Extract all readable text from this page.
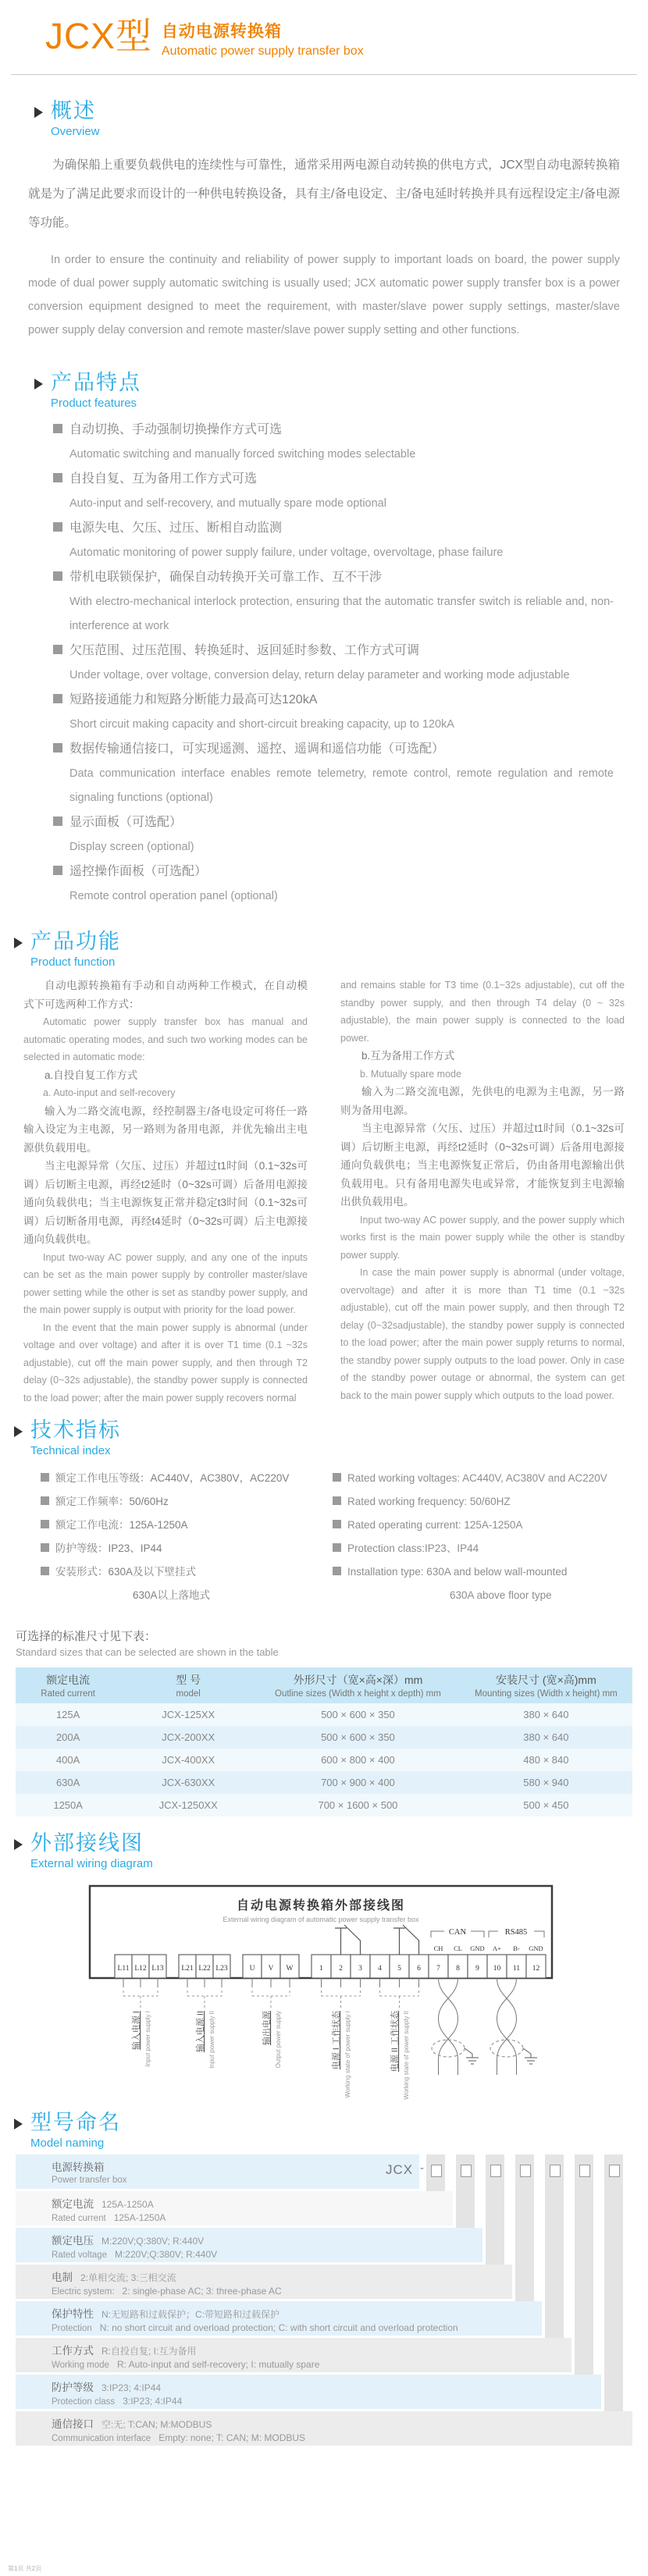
JCX型 自动电源转换箱
Automatic power supply transfer box
概述
Overview

为确保船上重要负载供电的连续性与可靠性，通常采用两电源自动转换的供电方式，JCX型自动电源转换箱就是为了满足此要求而设计的一种供电转换设备，具有主/备电设定、主/备电延时转换并具有远程设定主/备电源等功能。

In order to ensure the continuity and reliability of power supply to important loads on board, the power supply mode of dual power supply automatic switching is usually used; JCX automatic power supply transfer box is a power conversion equipment designed to meet the requirement, with master/slave power supply settings, master/slave power supply delay conversion and remote master/slave power supply setting and other functions.

产品特点
Product features
自动切换、手动强制切换操作方式可选
Automatic switching and manually forced switching modes selectable
自投自复、互为备用工作方式可选
Auto-input and self-recovery, and mutually spare mode optional
电源失电、欠压、过压、断相自动监测
Automatic monitoring of power supply failure, under voltage, overvoltage, phase failure
带机电联锁保护，确保自动转换开关可靠工作、互不干涉
With electro-mechanical interlock protection, ensuring that the automatic transfer switch is reliable and, non-interference at work
欠压范围、过压范围、转换延时、返回延时参数、工作方式可调
Under voltage, over voltage, conversion delay, return delay parameter and working mode adjustable
短路接通能力和短路分断能力最高可达120kA
Short circuit making capacity and short-circuit breaking capacity, up to 120kA
数据传输通信接口，可实现遥测、遥控、遥调和遥信功能（可选配）
Data communication interface enables remote telemetry, remote control, remote regulation and remote signaling functions (optional)
显示面板（可选配）
Display screen (optional)
遥控操作面板（可选配）
Remote control operation panel (optional)
产品功能
Product function

自动电源转换箱有手动和自动两种工作模式，在自动模式下可选两种工作方式：

Automatic power supply transfer box has manual and automatic operating modes, and such two working modes can be selected in automatic mode:

a.自投自复工作方式

a. Auto-input and self-recovery

输入为二路交流电源，经控制器主/备电设定可将任一路输入设定为主电源，另一路则为备用电源，并优先输出主电源供负载用电。

当主电源异常（欠压、过压）并超过t1时间（0.1~32s可调）后切断主电源，再经t2延时（0~32s可调）后备用电源接通向负载供电；当主电源恢复正常并稳定t3时间（0.1~32s可调）后切断备用电源，再经t4延时（0~32s可调）后主电源接通向负载供电。

Input two-way AC power supply, and any one of the inputs can be set as the main power supply by controller master/slave power setting while the other is set as standby power supply, and the main power supply is output with priority for the load power.

In the event that the main power supply is abnormal (under voltage and over voltage) and after it is over T1 time (0.1 ~32s adjustable), cut off the main power supply, and then through T2 delay (0~32s adjustable), the standby power supply is connected to the load power; after the main power supply recovers normal

and remains stable for T3 time (0.1~32s adjustable), cut off the standby power supply, and then through T4 delay (0 ~ 32s adjustable), the main power supply is connected to the load power.

b.互为备用工作方式

b. Mutually spare mode

输入为二路交流电源，先供电的电源为主电源，另一路则为备用电源。

当主电源异常（欠压、过压）并超过t1时间（0.1~32s可调）后切断主电源，再经t2延时（0~32s可调）后备用电源接通向负载供电；当主电源恢复正常后，仍由备用电源输出供负载用电。只有备用电源失电或异常，才能恢复到主电源输出供负载用电。

Input two-way AC power supply, and the power supply which works first is the main power supply while the other is standby power supply.

In case the main power supply is abnormal (under voltage, overvoltage) and after it is more than T1 time (0.1 ~32s adjustable), cut off the main power supply, and then through T2 delay (0~32sadjustable), the standby power supply is connected to the load power; after the main power supply returns to normal, the standby power supply outputs to the load power. Only in case of the standby power outage or abnormal, the system can get back to the main power supply which outputs to the load power.

技术指标
Technical index
额定工作电压等级：AC440V，AC380V，AC220V
额定工作频率：50/60Hz
额定工作电流：125A-1250A
防护等级：IP23、IP44
安装形式：630A及以下壁挂式
630A以上落地式
Rated working voltages: AC440V, AC380V and AC220V
Rated working frequency: 50/60HZ
Rated operating current: 125A-1250A
Protection class:IP23、IP44
Installation type: 630A and below wall-mounted
630A above floor type
可选择的标准尺寸见下表：
Standard sizes that can be selected are shown in the table
额定电流
Rated current

型 号
model

外形尺寸（宽×高×深）mm
Outline sizes (Width x height x depth) mm

安装尺寸 (宽×高)mm
Mounting sizes (Width x height) mm

125A	JCX-125XX	500 × 600 × 350	380 × 640
200A	JCX-200XX	500 × 600 × 350	380 × 640
400A	JCX-400XX	600 × 800 × 400	480 × 840
630A	JCX-630XX	700 × 900 × 400	580 × 940
1250A	JCX-1250XX	700 × 1600 × 500	500 × 450
外部接线图
External wiring diagram
自动电源转换箱外部接线图
External wiring diagram of automatic power supply transfer box
CAN	RS485
CH CL GND A+ B- GND
L11 L12 L13 L21 L22 L23	U V W	1 2 3 4 5 6 7 8 9 10 11 12
输入电源 I Input power supply I	输入电源 II Input power supply II	输出电源 Output power supply	电源 I 工作状态 Working state of power supply I	电源 II 工作状态 Working state of power supply II
型号命名
Model naming
电源转换箱
Power transfer box
额定电流 125A-1250A
Rated current 125A-1250A
额定电压 M:220V;Q:380V; R:440V
Rated voltage M:220V;Q:380V; R:440V
电制 2:单相交流; 3:三相交流
Electric system: 2: single-phase AC; 3: three-phase AC
保护特性 N:无短路和过载保护；C:带短路和过载保护
Protection N: no short circuit and overload protection; C: with short circuit and overload protection
工作方式 R:自投自复; I:互为备用
Working mode R: Auto-input and self-recovery; I: mutually spare
防护等级 3:IP23; 4:IP44
Protection class 3:IP23; 4:IP44
通信接口 空:无; T:CAN; M:MODBUS
Communication interface Empty: none; T: CAN; M: MODBUS
JCX -
第1页 共2页
